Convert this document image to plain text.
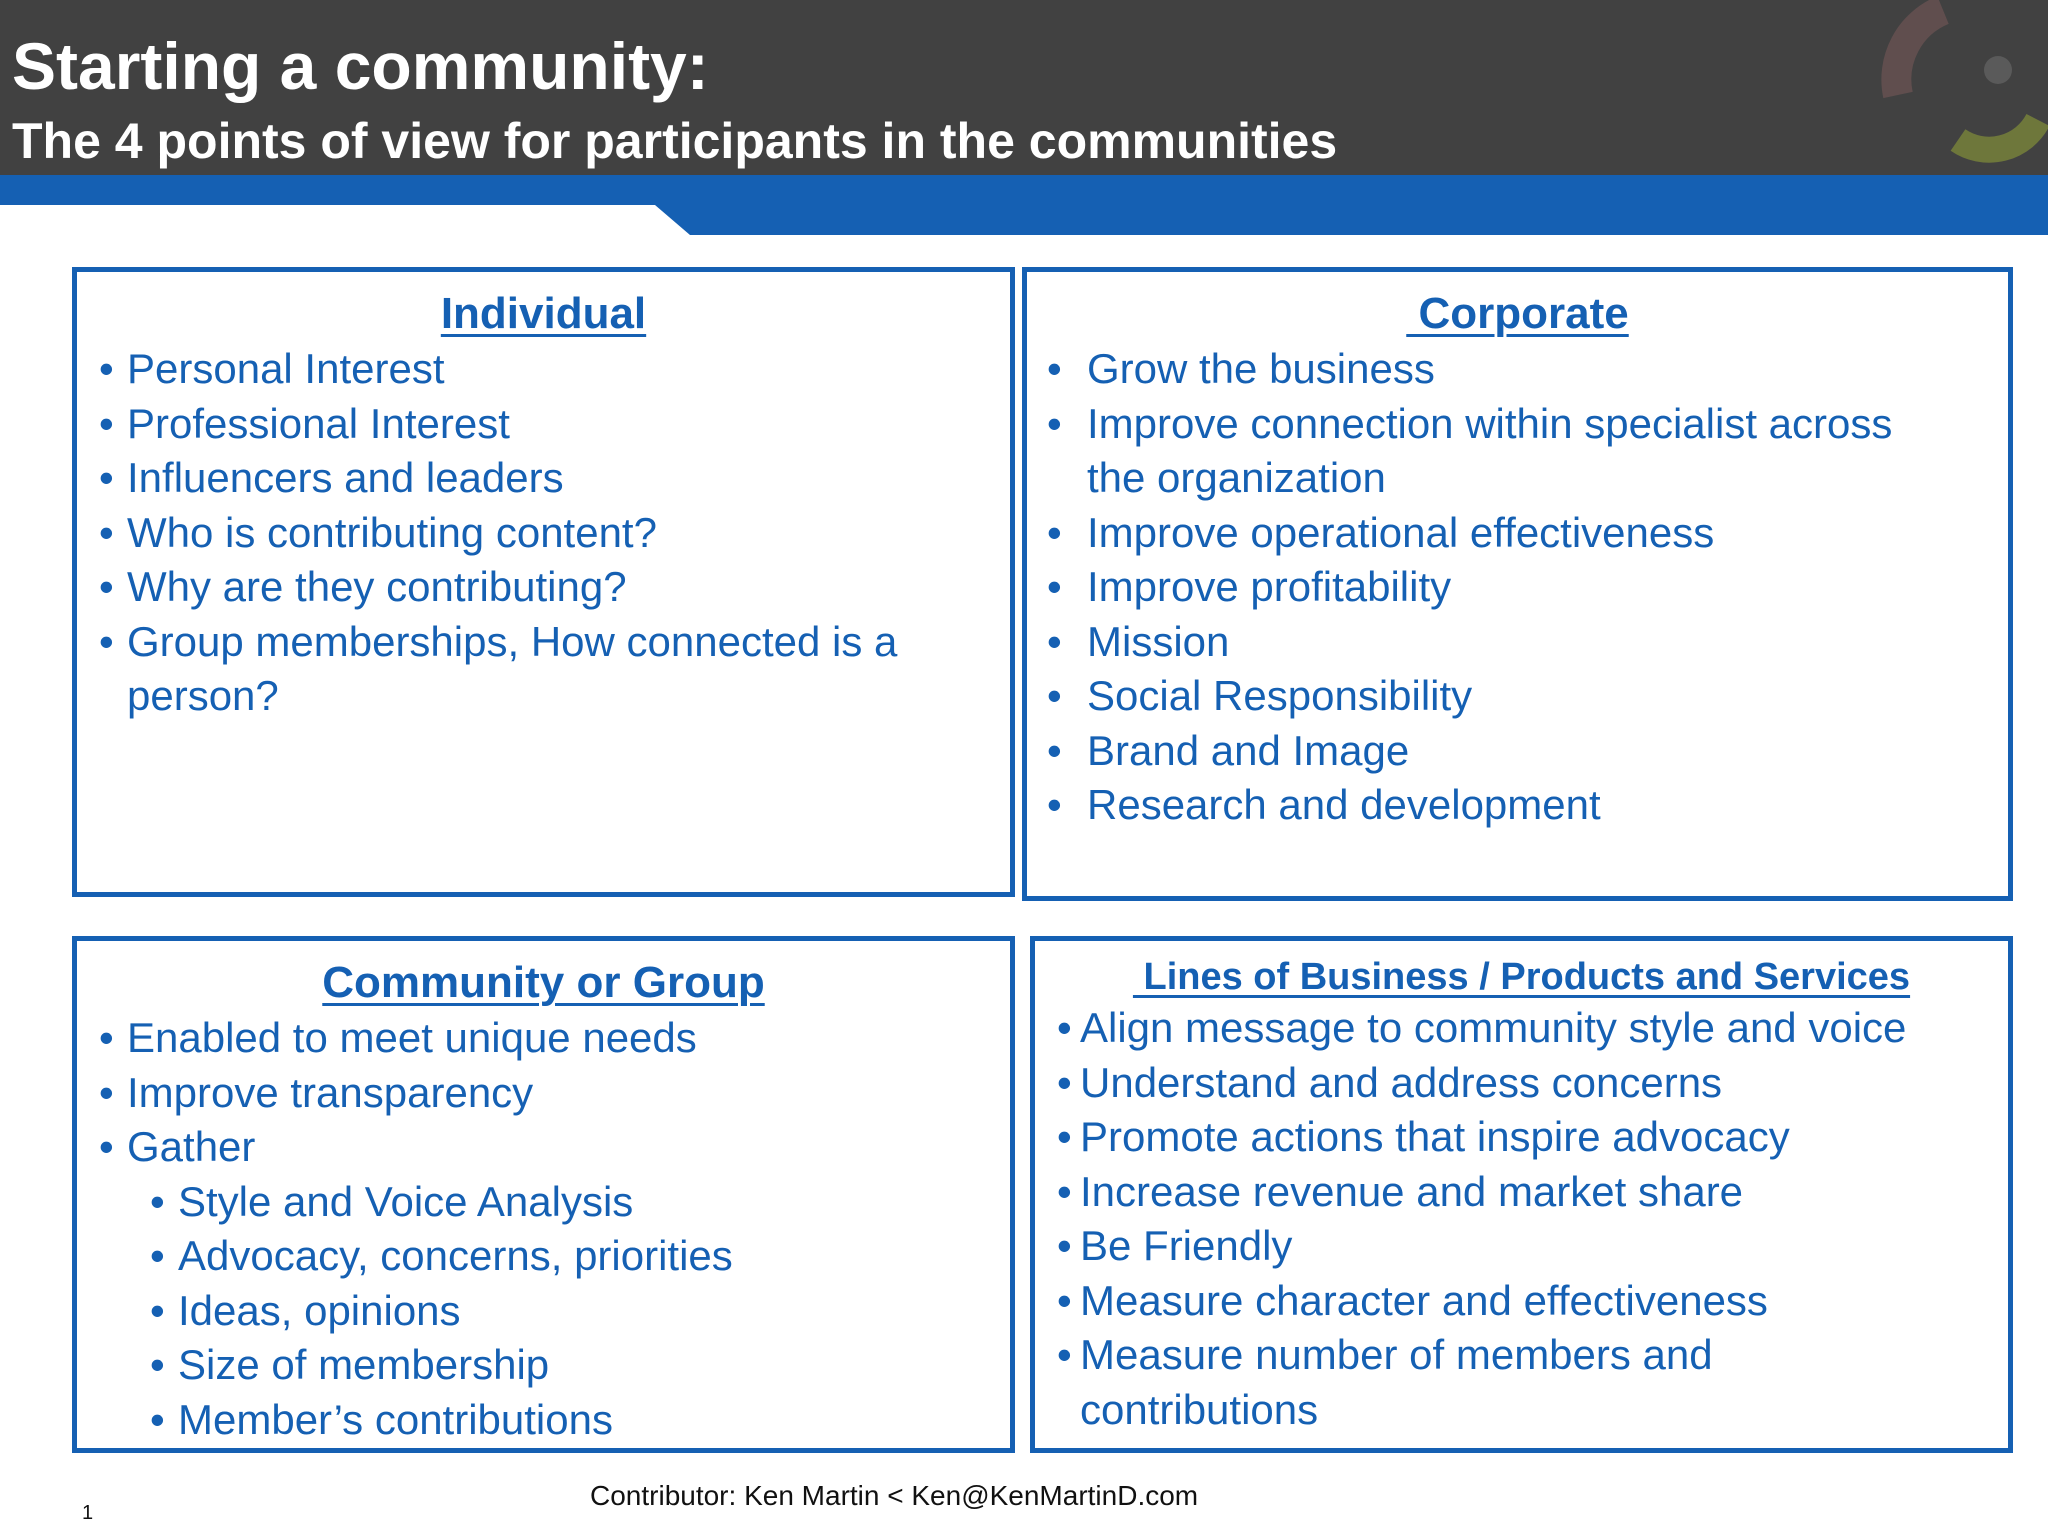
Starting a community:
The 4 points of view for participants in the communities
Individual
• Personal Interest
• Professional Interest
• Influencers and leaders
• Who is contributing content?
• Why are they contributing?
• Group memberships, How connected is a
person?
Corporate
• Grow the business
• Improve connection within specialist across
the organization
• Improve operational effectiveness
• Improve profitability
• Mission
• Social Responsibility
• Brand and Image
• Research and development
Community or Group
• Enabled to meet unique needs
• Improve transparency
• Gather
• Style and Voice Analysis
• Advocacy, concerns, priorities
• Ideas, opinions
• Size of membership
• Member’s contributions
Lines of Business / Products and Services
• Align message to community style and voice
• Understand and address concerns
• Promote actions that inspire advocacy
• Increase revenue and market share
• Be Friendly
• Measure character and effectiveness
• Measure number of members and
contributions
Contributor: Ken Martin < Ken@KenMartinD.com
1
